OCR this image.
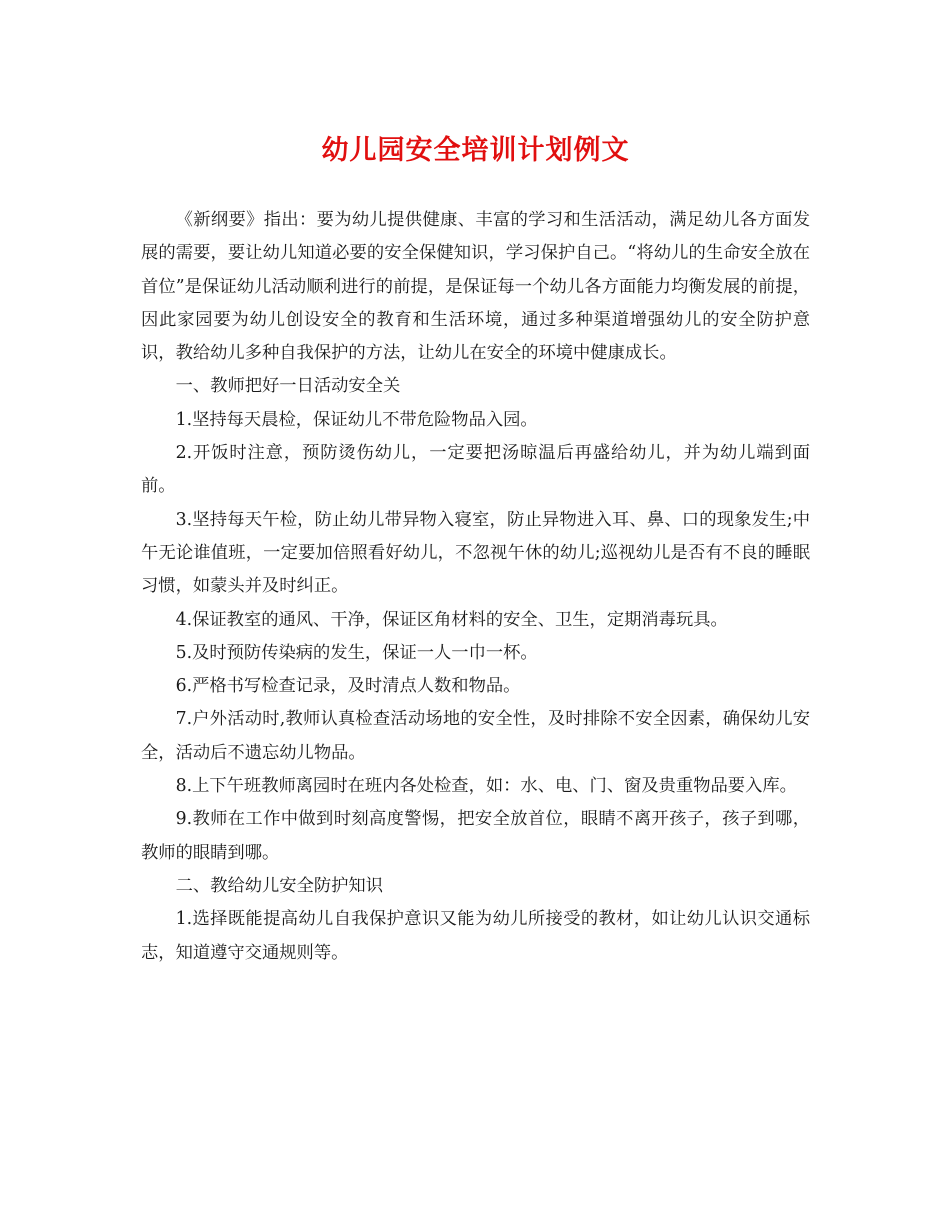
幼儿园安全培训计划例文

《新纲要》指出：要为幼儿提供健康、丰富的学习和生活活动，满足幼儿各方面发展的需要，要让幼儿知道必要的安全保健知识，学习保护自己。“将幼儿的生命安全放在首位”是保证幼儿活动顺利进行的前提，是保证每一个幼儿各方面能力均衡发展的前提，因此家园要为幼儿创设安全的教育和生活环境，通过多种渠道增强幼儿的安全防护意识，教给幼儿多种自我保护的方法，让幼儿在安全的环境中健康成长。

一、教师把好一日活动安全关

1.坚持每天晨检，保证幼儿不带危险物品入园。

2.开饭时注意，预防烫伤幼儿，一定要把汤晾温后再盛给幼儿，并为幼儿端到面前。

3.坚持每天午检，防止幼儿带异物入寝室，防止异物进入耳、鼻、口的现象发生;中午无论谁值班，一定要加倍照看好幼儿，不忽视午休的幼儿;巡视幼儿是否有不良的睡眠习惯，如蒙头并及时纠正。

4.保证教室的通风、干净，保证区角材料的安全、卫生，定期消毒玩具。

5.及时预防传染病的发生，保证一人一巾一杯。

6.严格书写检查记录，及时清点人数和物品。

7.户外活动时,教师认真检查活动场地的安全性，及时排除不安全因素，确保幼儿安全，活动后不遗忘幼儿物品。

8.上下午班教师离园时在班内各处检查，如：水、电、门、窗及贵重物品要入库。

9.教师在工作中做到时刻高度警惕，把安全放首位，眼睛不离开孩子，孩子到哪，教师的眼睛到哪。

二、教给幼儿安全防护知识

1.选择既能提高幼儿自我保护意识又能为幼儿所接受的教材，如让幼儿认识交通标志，知道遵守交通规则等。
